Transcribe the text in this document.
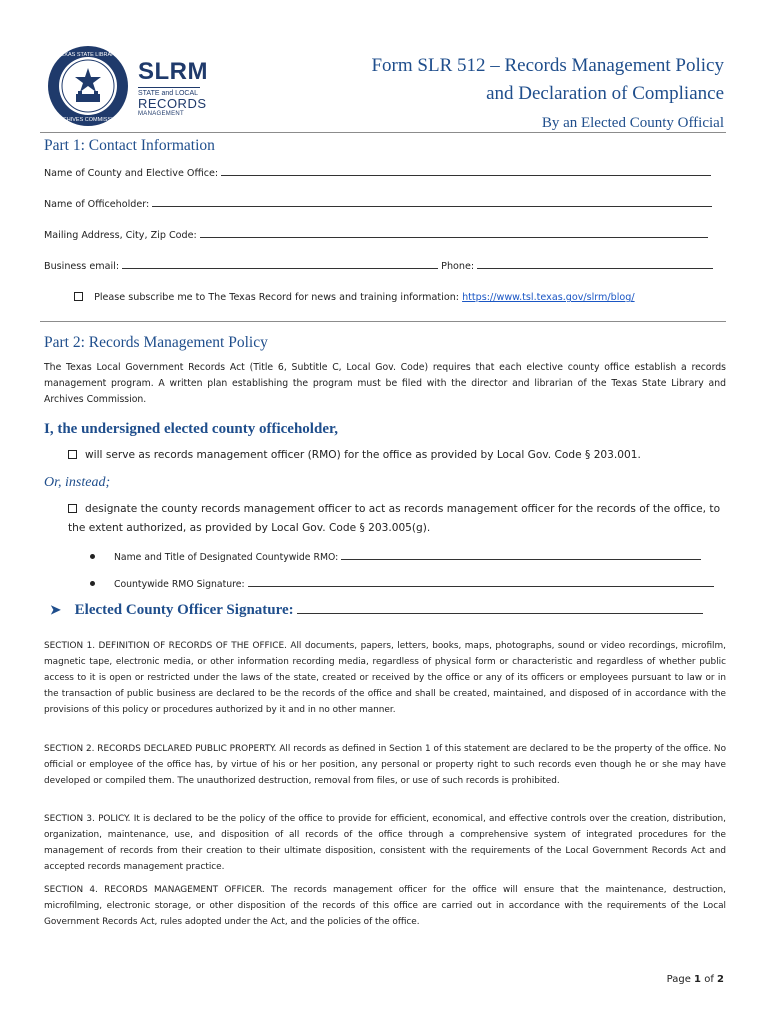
TEXAS STATE LIBRARY
ARCHIVES COMMISSION
SLRM
STATE and LOCAL
RECORDS
MANAGEMENT
Form SLR 512 – Records Management Policy
and Declaration of Compliance
By an Elected County Official
Part 1: Contact Information
Name of County and Elective Office:
Name of Officeholder:
Mailing Address, City, Zip Code:
Business email:	Phone:
Please subscribe me to The Texas Record for news and training information: https://www.tsl.texas.gov/slrm/blog/
Part 2: Records Management Policy
The Texas Local Government Records Act (Title 6, Subtitle C, Local Gov. Code) requires that each elective county office establish a records management program. A written plan establishing the program must be filed with the director and librarian of the Texas State Library and Archives Commission.
I, the undersigned elected county officeholder,
will serve as records management officer (RMO) for the office as provided by Local Gov. Code § 203.001.
Or, instead;
designate the county records management officer to act as records management officer for the records of the office, to the extent authorized, as provided by Local Gov. Code § 203.005(g).
Name and Title of Designated Countywide RMO:
Countywide RMO Signature:
➤ Elected County Officer Signature:
SECTION 1. DEFINITION OF RECORDS OF THE OFFICE. All documents, papers, letters, books, maps, photographs, sound or video recordings, microfilm, magnetic tape, electronic media, or other information recording media, regardless of physical form or characteristic and regardless of whether public access to it is open or restricted under the laws of the state, created or received by the office or any of its officers or employees pursuant to law or in the transaction of public business are declared to be the records of the office and shall be created, maintained, and disposed of in accordance with the provisions of this policy or procedures authorized by it and in no other manner.
SECTION 2. RECORDS DECLARED PUBLIC PROPERTY. All records as defined in Section 1 of this statement are declared to be the property of the office. No official or employee of the office has, by virtue of his or her position, any personal or property right to such records even though he or she may have developed or compiled them. The unauthorized destruction, removal from files, or use of such records is prohibited.
SECTION 3. POLICY. It is declared to be the policy of the office to provide for efficient, economical, and effective controls over the creation, distribution, organization, maintenance, use, and disposition of all records of the office through a comprehensive system of integrated procedures for the management of records from their creation to their ultimate disposition, consistent with the requirements of the Local Government Records Act and accepted records management practice.
SECTION 4. RECORDS MANAGEMENT OFFICER. The records management officer for the office will ensure that the maintenance, destruction, microfilming, electronic storage, or other disposition of the records of this office are carried out in accordance with the requirements of the Local Government Records Act, rules adopted under the Act, and the policies of the office.
Page 1 of 2
